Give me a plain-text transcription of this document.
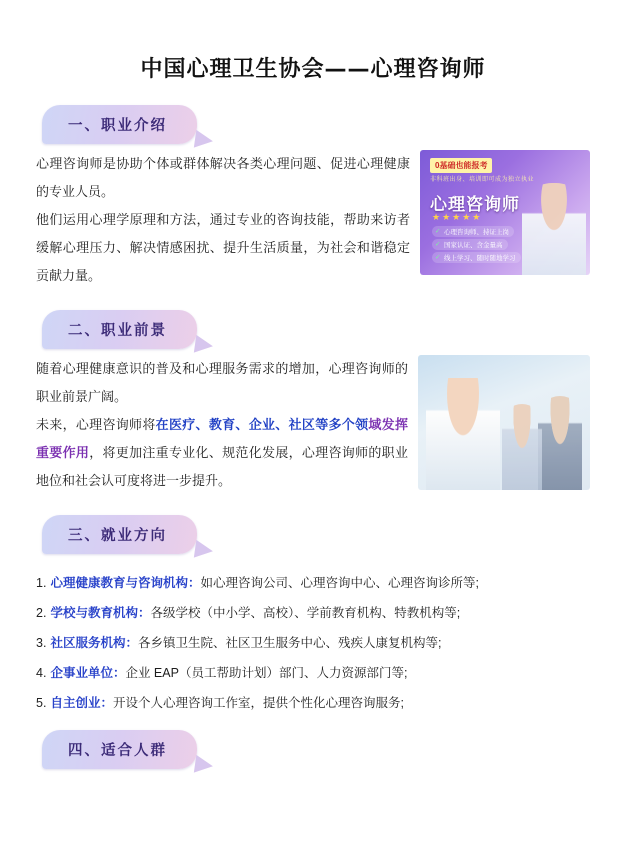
中国心理卫生协会——心理咨询师
一、职业介绍

心理咨询师是协助个体或群体解决各类心理问题、促进心理健康的专业人员。

他们运用心理学原理和方法，通过专业的咨询技能，帮助来访者缓解心理压力、解决情感困扰、提升生活质量，为社会和谐稳定贡献力量。

0基础也能报考
非科班出身、培训即可成为独立执业
心理咨询师
★★★★★
✓ 心理咨询师、持证上岗
✓ 国家认证、含金量高
✓ 线上学习、随时随地学习
二、职业前景

随着心理健康意识的普及和心理服务需求的增加，心理咨询师的职业前景广阔。

未来，心理咨询师将在医疗、教育、企业、社区等多个领域发挥重要作用，将更加注重专业化、规范化发展，心理咨询师的职业地位和社会认可度将进一步提升。

三、就业方向
1. 心理健康教育与咨询机构：如心理咨询公司、心理咨询中心、心理咨询诊所等;
2. 学校与教育机构：各级学校（中小学、高校）、学前教育机构、特教机构等;
3. 社区服务机构：各乡镇卫生院、社区卫生服务中心、残疾人康复机构等;
4. 企事业单位：企业 EAP（员工帮助计划）部门、人力资源部门等;
5. 自主创业：开设个人心理咨询工作室，提供个性化心理咨询服务;
四、适合人群
